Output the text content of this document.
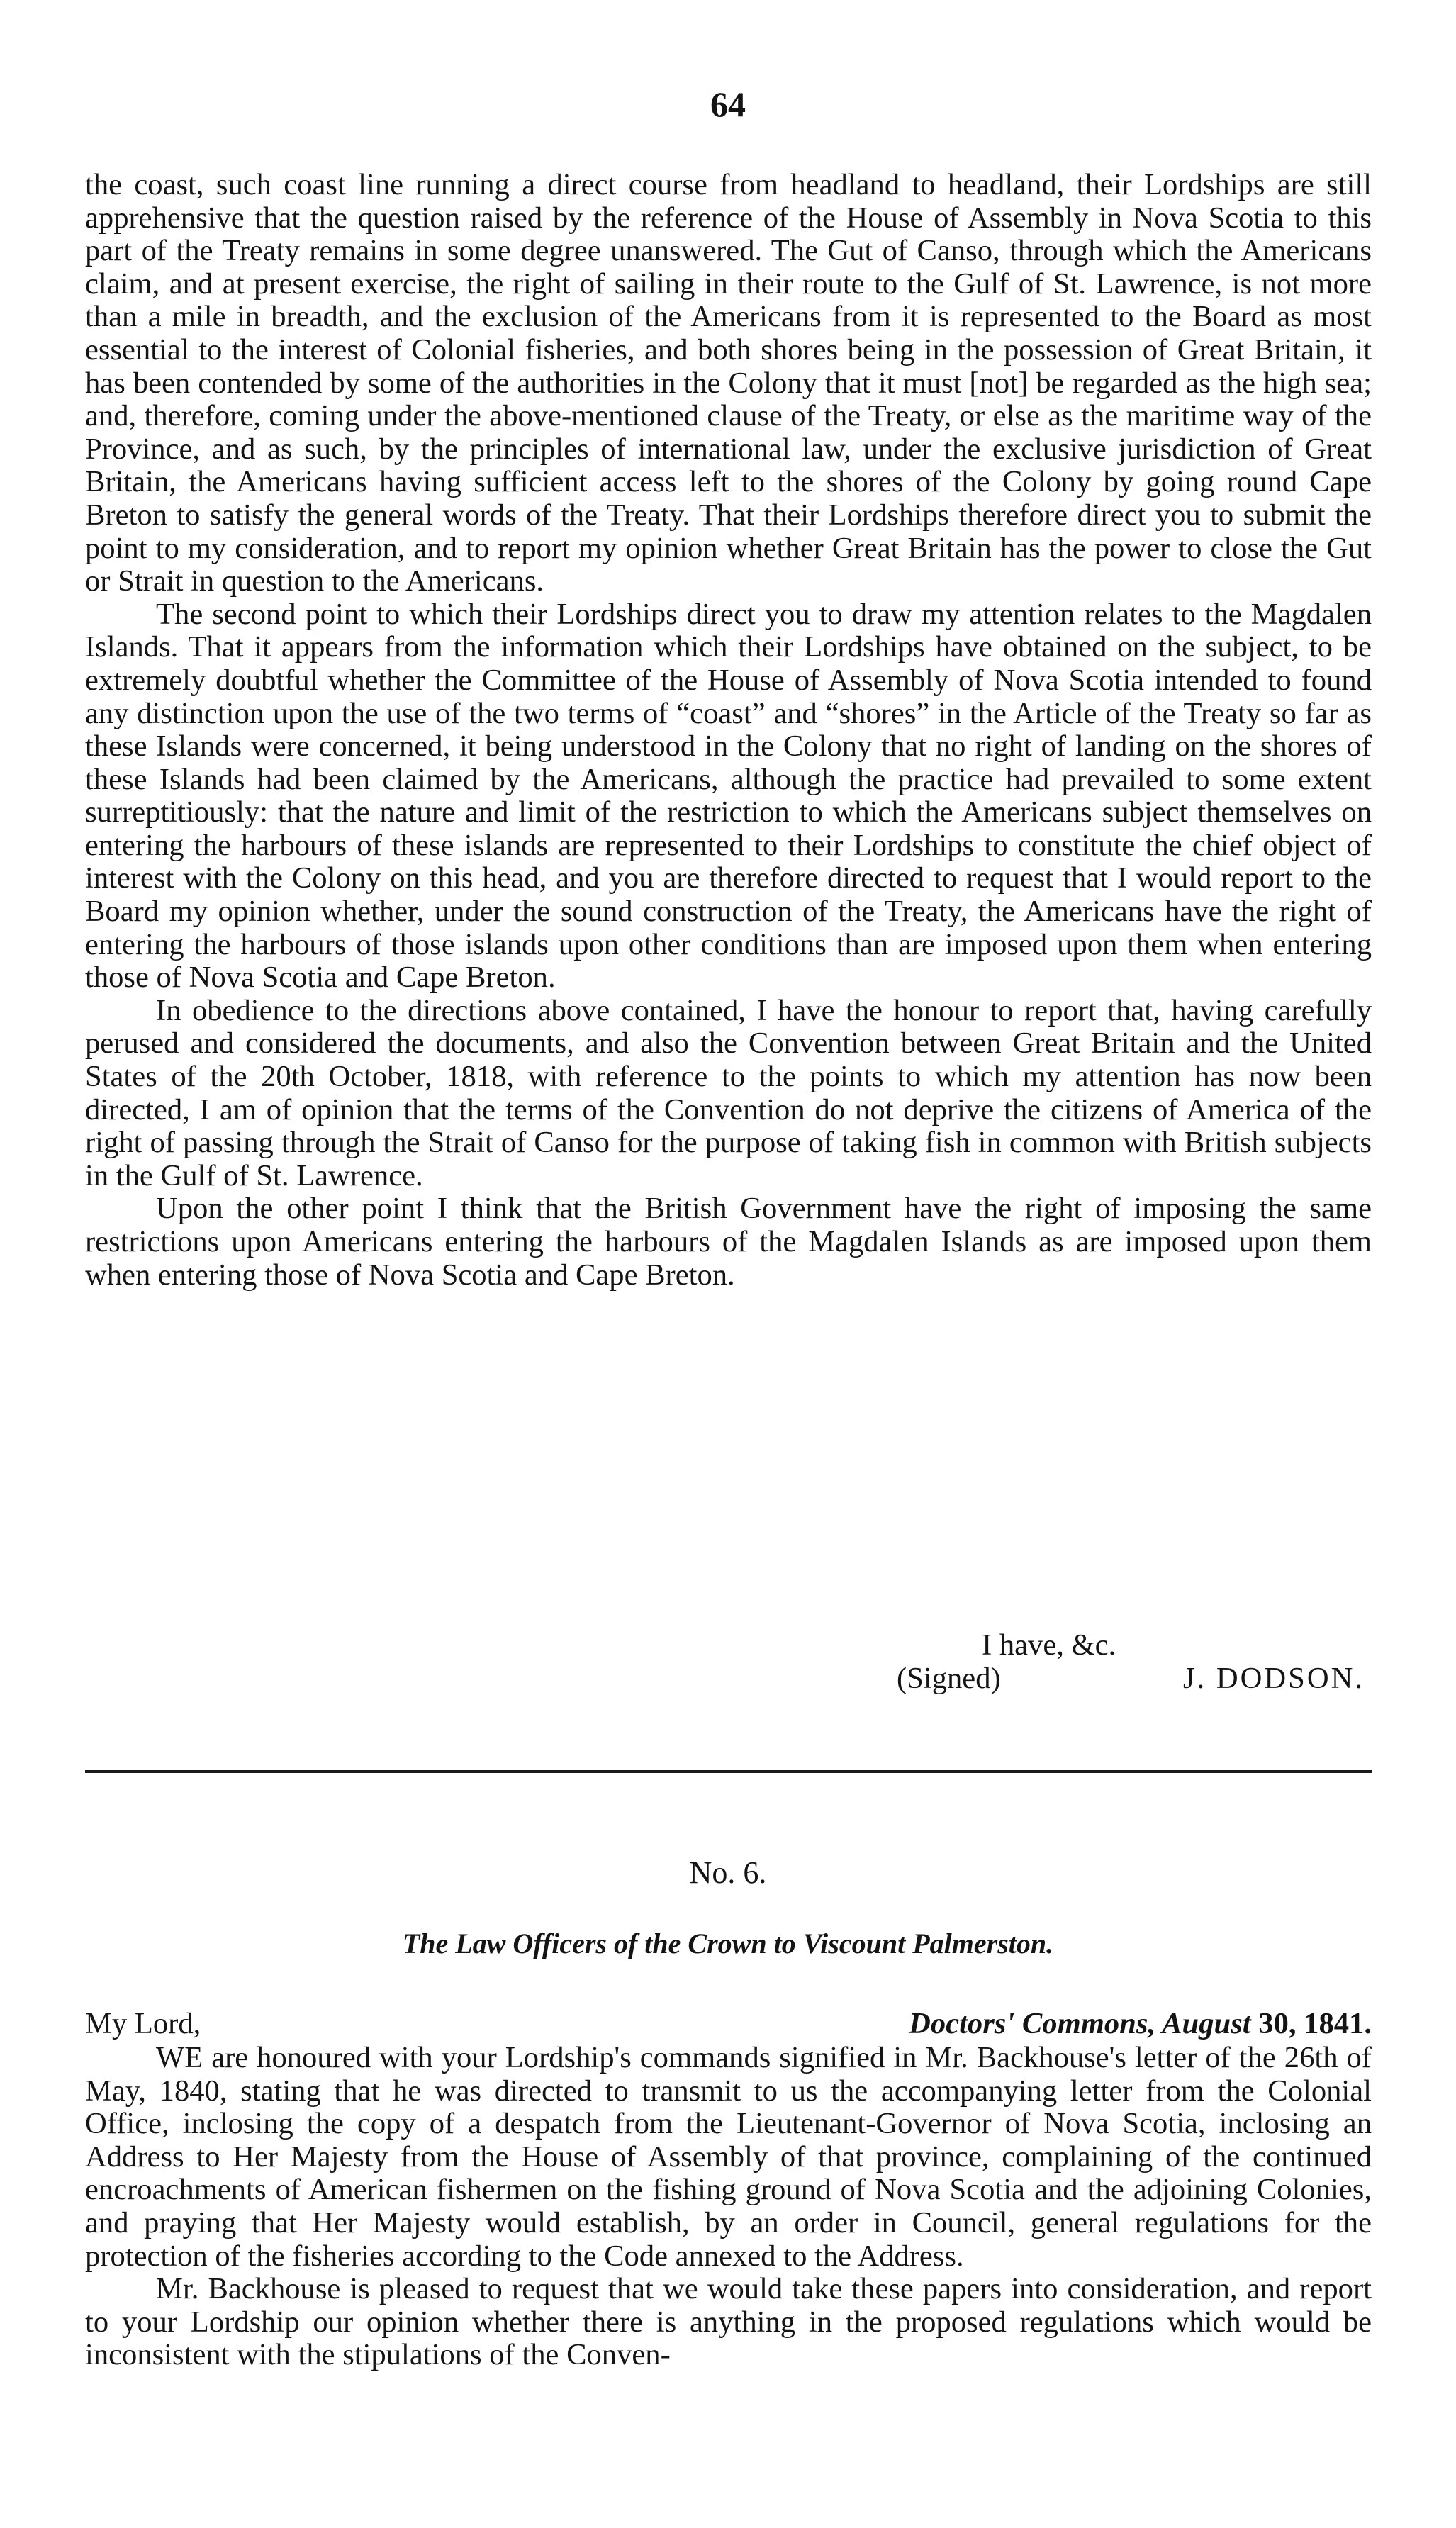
64

the coast, such coast line running a direct course from headland to headland, their Lordships are still apprehensive that the question raised by the reference of the House of Assembly in Nova Scotia to this part of the Treaty remains in some degree unanswered. The Gut of Canso, through which the Americans claim, and at present exercise, the right of sailing in their route to the Gulf of St. Lawrence, is not more than a mile in breadth, and the exclusion of the Americans from it is represented to the Board as most essential to the interest of Colonial fisheries, and both shores being in the possession of Great Britain, it has been contended by some of the authorities in the Colony that it must [not] be regarded as the high sea; and, therefore, coming under the above-mentioned clause of the Treaty, or else as the maritime way of the Province, and as such, by the principles of international law, under the exclusive jurisdiction of Great Britain, the Americans having sufficient access left to the shores of the Colony by going round Cape Breton to satisfy the general words of the Treaty. That their Lordships therefore direct you to submit the point to my consideration, and to report my opinion whether Great Britain has the power to close the Gut or Strait in question to the Americans.

The second point to which their Lordships direct you to draw my attention relates to the Magdalen Islands. That it appears from the information which their Lordships have obtained on the subject, to be extremely doubtful whether the Committee of the House of Assembly of Nova Scotia intended to found any distinction upon the use of the two terms of “coast” and “shores” in the Article of the Treaty so far as these Islands were concerned, it being understood in the Colony that no right of landing on the shores of these Islands had been claimed by the Americans, although the practice had prevailed to some extent surreptitiously: that the nature and limit of the restriction to which the Americans subject themselves on entering the harbours of these islands are represented to their Lordships to constitute the chief object of interest with the Colony on this head, and you are therefore directed to request that I would report to the Board my opinion whether, under the sound construction of the Treaty, the Americans have the right of entering the harbours of those islands upon other conditions than are imposed upon them when entering those of Nova Scotia and Cape Breton.

In obedience to the directions above contained, I have the honour to report that, having carefully perused and considered the documents, and also the Convention between Great Britain and the United States of the 20th October, 1818, with reference to the points to which my attention has now been directed, I am of opinion that the terms of the Convention do not deprive the citizens of America of the right of passing through the Strait of Canso for the purpose of taking fish in common with British subjects in the Gulf of St. Lawrence.

Upon the other point I think that the British Government have the right of imposing the same restrictions upon Americans entering the harbours of the Magdalen Islands as are imposed upon them when entering those of Nova Scotia and Cape Breton.

I have, &c.
(Signed)	J. DODSON.
No. 6.
The Law Officers of the Crown to Viscount Palmerston.
My Lord,	Doctors' Commons, August 30, 1841.

WE are honoured with your Lordship's commands signified in Mr. Backhouse's letter of the 26th of May, 1840, stating that he was directed to transmit to us the accompanying letter from the Colonial Office, inclosing the copy of a despatch from the Lieutenant-Governor of Nova Scotia, inclosing an Address to Her Majesty from the House of Assembly of that province, complaining of the continued encroachments of American fishermen on the fishing ground of Nova Scotia and the adjoining Colonies, and praying that Her Majesty would establish, by an order in Council, general regulations for the protection of the fisheries according to the Code annexed to the Address.

Mr. Backhouse is pleased to request that we would take these papers into consideration, and report to your Lordship our opinion whether there is anything in the proposed regulations which would be inconsistent with the stipulations of the Conven-
